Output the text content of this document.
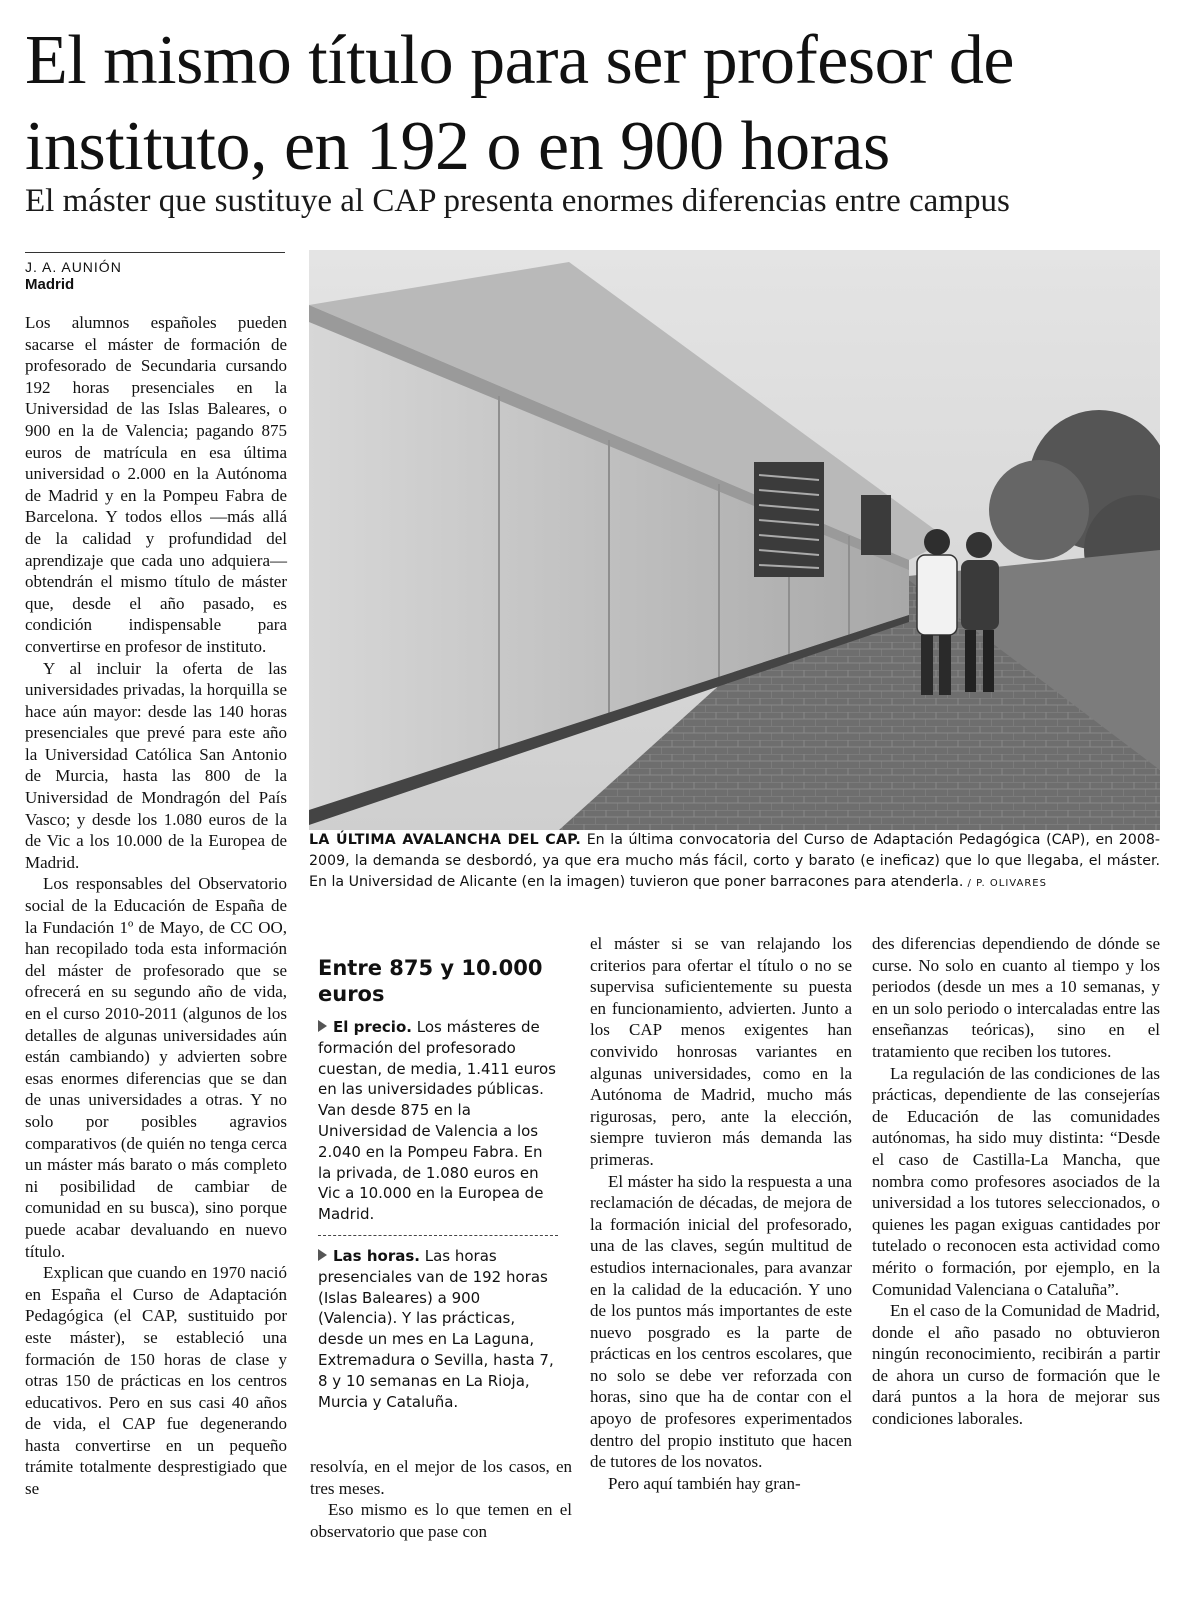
El mismo título para ser profesor de instituto, en 192 o en 900 horas
El máster que sustituye al CAP presenta enormes diferencias entre campus
J. A. AUNIÓN
Madrid

Los alumnos españoles pueden sacarse el máster de formación de profesorado de Secundaria cursando 192 horas presenciales en la Universidad de las Islas Baleares, o 900 en la de Valencia; pagando 875 euros de matrícula en esa última universidad o 2.000 en la Autónoma de Madrid y en la Pompeu Fabra de Barcelona. Y todos ellos —más allá de la calidad y profundidad del aprendizaje que cada uno adquiera— obtendrán el mismo título de máster que, desde el año pasado, es condición indispensable para convertirse en profesor de instituto.

Y al incluir la oferta de las universidades privadas, la horquilla se hace aún mayor: desde las 140 horas presenciales que prevé para este año la Universidad Católica San Antonio de Murcia, hasta las 800 de la Universidad de Mondragón del País Vasco; y desde los 1.080 euros de la de Vic a los 10.000 de la Europea de Madrid.

Los responsables del Observatorio social de la Educación de España de la Fundación 1º de Mayo, de CC OO, han recopilado toda esta información del máster de profesorado que se ofrecerá en su segundo año de vida, en el curso 2010-2011 (algunos de los detalles de algunas universidades aún están cambiando) y advierten sobre esas enormes diferencias que se dan de unas universidades a otras. Y no solo por posibles agravios comparativos (de quién no tenga cerca un máster más barato o más completo ni posibilidad de cambiar de comunidad en su busca), sino porque puede acabar devaluando en nuevo título.

Explican que cuando en 1970 nació en España el Curso de Adaptación Pedagógica (el CAP, sustituido por este máster), se estableció una formación de 150 horas de clase y otras 150 de prácticas en los centros educativos. Pero en sus casi 40 años de vida, el CAP fue degenerando hasta convertirse en un pequeño trámite totalmente desprestigiado que se

LA ÚLTIMA AVALANCHA DEL CAP. En la última convocatoria del Curso de Adaptación Pedagógica (CAP), en 2008-2009, la demanda se desbordó, ya que era mucho más fácil, corto y barato (e ineficaz) que lo que llegaba, el máster. En la Universidad de Alicante (en la imagen) tuvieron que poner barracones para atenderla. / P. OLIVARES
Entre 875 y 10.000 euros
El precio. Los másteres de formación del profesorado cuestan, de media, 1.411 euros en las universidades públicas. Van desde 875 en la Universidad de Valencia a los 2.040 en la Pompeu Fabra. En la privada, de 1.080 euros en Vic a 10.000 en la Europea de Madrid.
Las horas. Las horas presenciales van de 192 horas (Islas Baleares) a 900 (Valencia). Y las prácticas, desde un mes en La Laguna, Extremadura o Sevilla, hasta 7, 8 y 10 semanas en La Rioja, Murcia y Cataluña.

resolvía, en el mejor de los casos, en tres meses.

Eso mismo es lo que temen en el observatorio que pase con

el máster si se van relajando los criterios para ofertar el título o no se supervisa suficientemente su puesta en funcionamiento, advierten. Junto a los CAP menos exigentes han convivido honrosas variantes en algunas universidades, como en la Autónoma de Madrid, mucho más rigurosas, pero, ante la elección, siempre tuvieron más demanda las primeras.

El máster ha sido la respuesta a una reclamación de décadas, de mejora de la formación inicial del profesorado, una de las claves, según multitud de estudios internacionales, para avanzar en la calidad de la educación. Y uno de los puntos más importantes de este nuevo posgrado es la parte de prácticas en los centros escolares, que no solo se debe ver reforzada con horas, sino que ha de contar con el apoyo de profesores experimentados dentro del propio instituto que hacen de tutores de los novatos.

Pero aquí también hay gran-

des diferencias dependiendo de dónde se curse. No solo en cuanto al tiempo y los periodos (desde un mes a 10 semanas, y en un solo periodo o intercaladas entre las enseñanzas teóricas), sino en el tratamiento que reciben los tutores.

La regulación de las condiciones de las prácticas, dependiente de las consejerías de Educación de las comunidades autónomas, ha sido muy distinta: “Desde el caso de Castilla-La Mancha, que nombra como profesores asociados de la universidad a los tutores seleccionados, o quienes les pagan exiguas cantidades por tutelado o reconocen esta actividad como mérito o formación, por ejemplo, en la Comunidad Valenciana o Cataluña”.

En el caso de la Comunidad de Madrid, donde el año pasado no obtuvieron ningún reconocimiento, recibirán a partir de ahora un curso de formación que le dará puntos a la hora de mejorar sus condiciones laborales.
